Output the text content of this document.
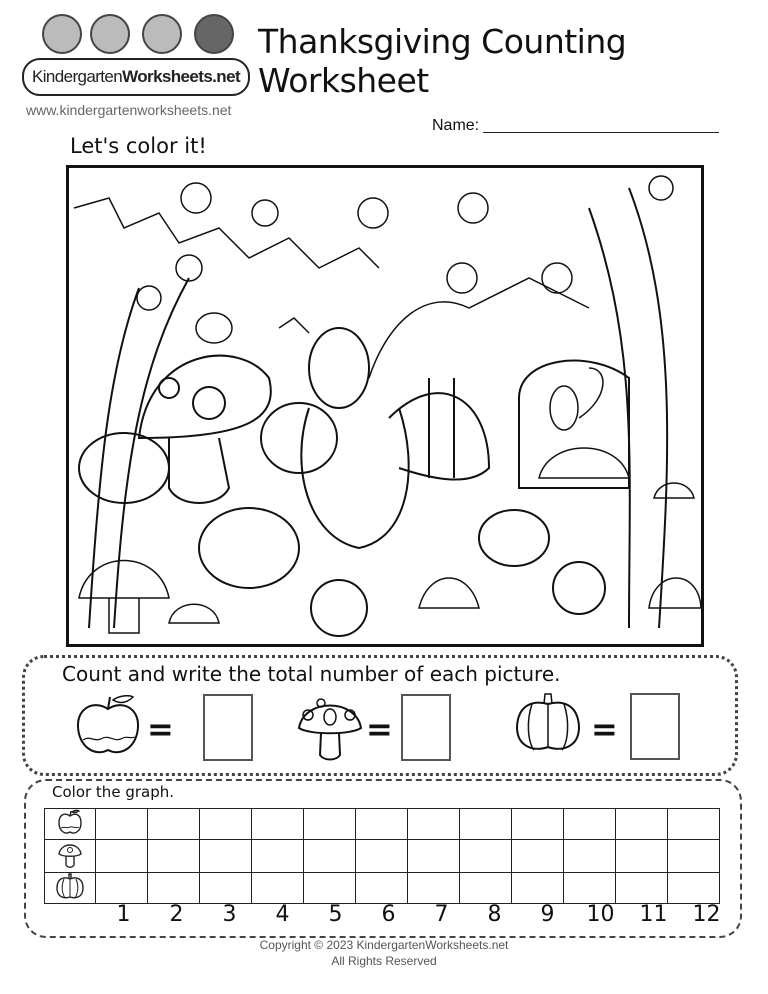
Kindergarten Worksheets.net
www.kindergartenworksheets.net
Thanksgiving Counting Worksheet
Name:
Let's color it!
Count and write the total number of each picture.
=	=	=
Color the graph.

1	2	3	4	5	6	7	8	9	10	11	12
Copyright © 2023 KindergartenWorksheets.net
All Rights Reserved
